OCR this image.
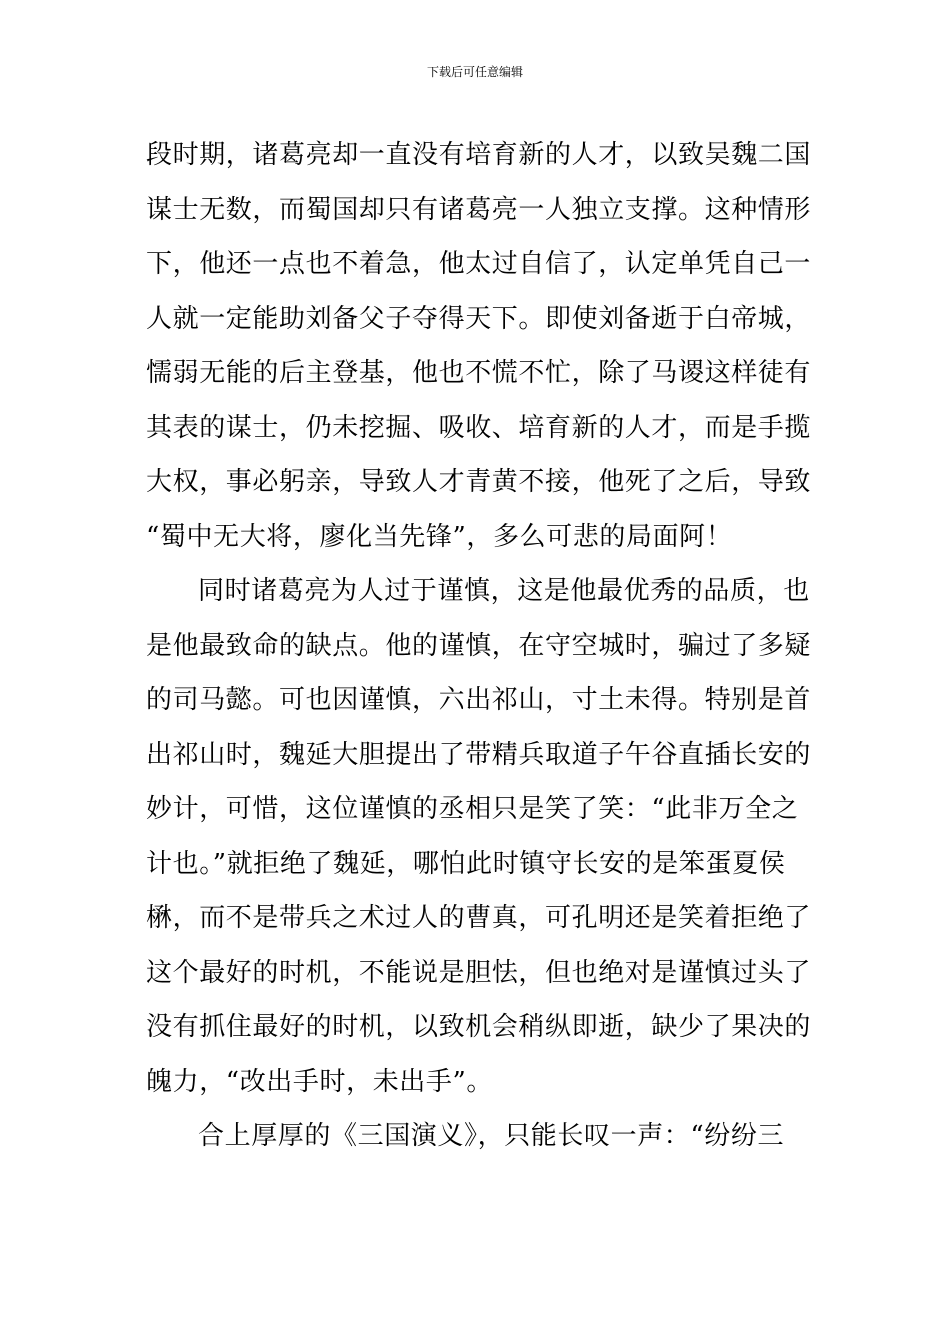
下载后可任意编辑
段时期，诸葛亮却一直没有培育新的人才，以致吴魏二国
谋士无数，而蜀国却只有诸葛亮一人独立支撑。这种情形
下，他还一点也不着急，他太过自信了，认定单凭自己一
人就一定能助刘备父子夺得天下。即使刘备逝于白帝城，
懦弱无能的后主登基，他也不慌不忙，除了马谡这样徒有
其表的谋士，仍未挖掘、吸收、培育新的人才，而是手揽
大权，事必躬亲，导致人才青黄不接，他死了之后，导致
“蜀中无大将，廖化当先锋”，多么可悲的局面阿！
同时诸葛亮为人过于谨慎，这是他最优秀的品质，也
是他最致命的缺点。他的谨慎，在守空城时，骗过了多疑
的司马懿。可也因谨慎，六出祁山，寸土未得。特别是首
出祁山时，魏延大胆提出了带精兵取道子午谷直插长安的
妙计，可惜，这位谨慎的丞相只是笑了笑：“此非万全之
计也。”就拒绝了魏延，哪怕此时镇守长安的是笨蛋夏侯
楙，而不是带兵之术过人的曹真，可孔明还是笑着拒绝了
这个最好的时机，不能说是胆怯，但也绝对是谨慎过头了
没有抓住最好的时机，以致机会稍纵即逝，缺少了果决的
魄力，“改出手时，未出手”。
合上厚厚的《三国演义》，只能长叹一声：“纷纷三
